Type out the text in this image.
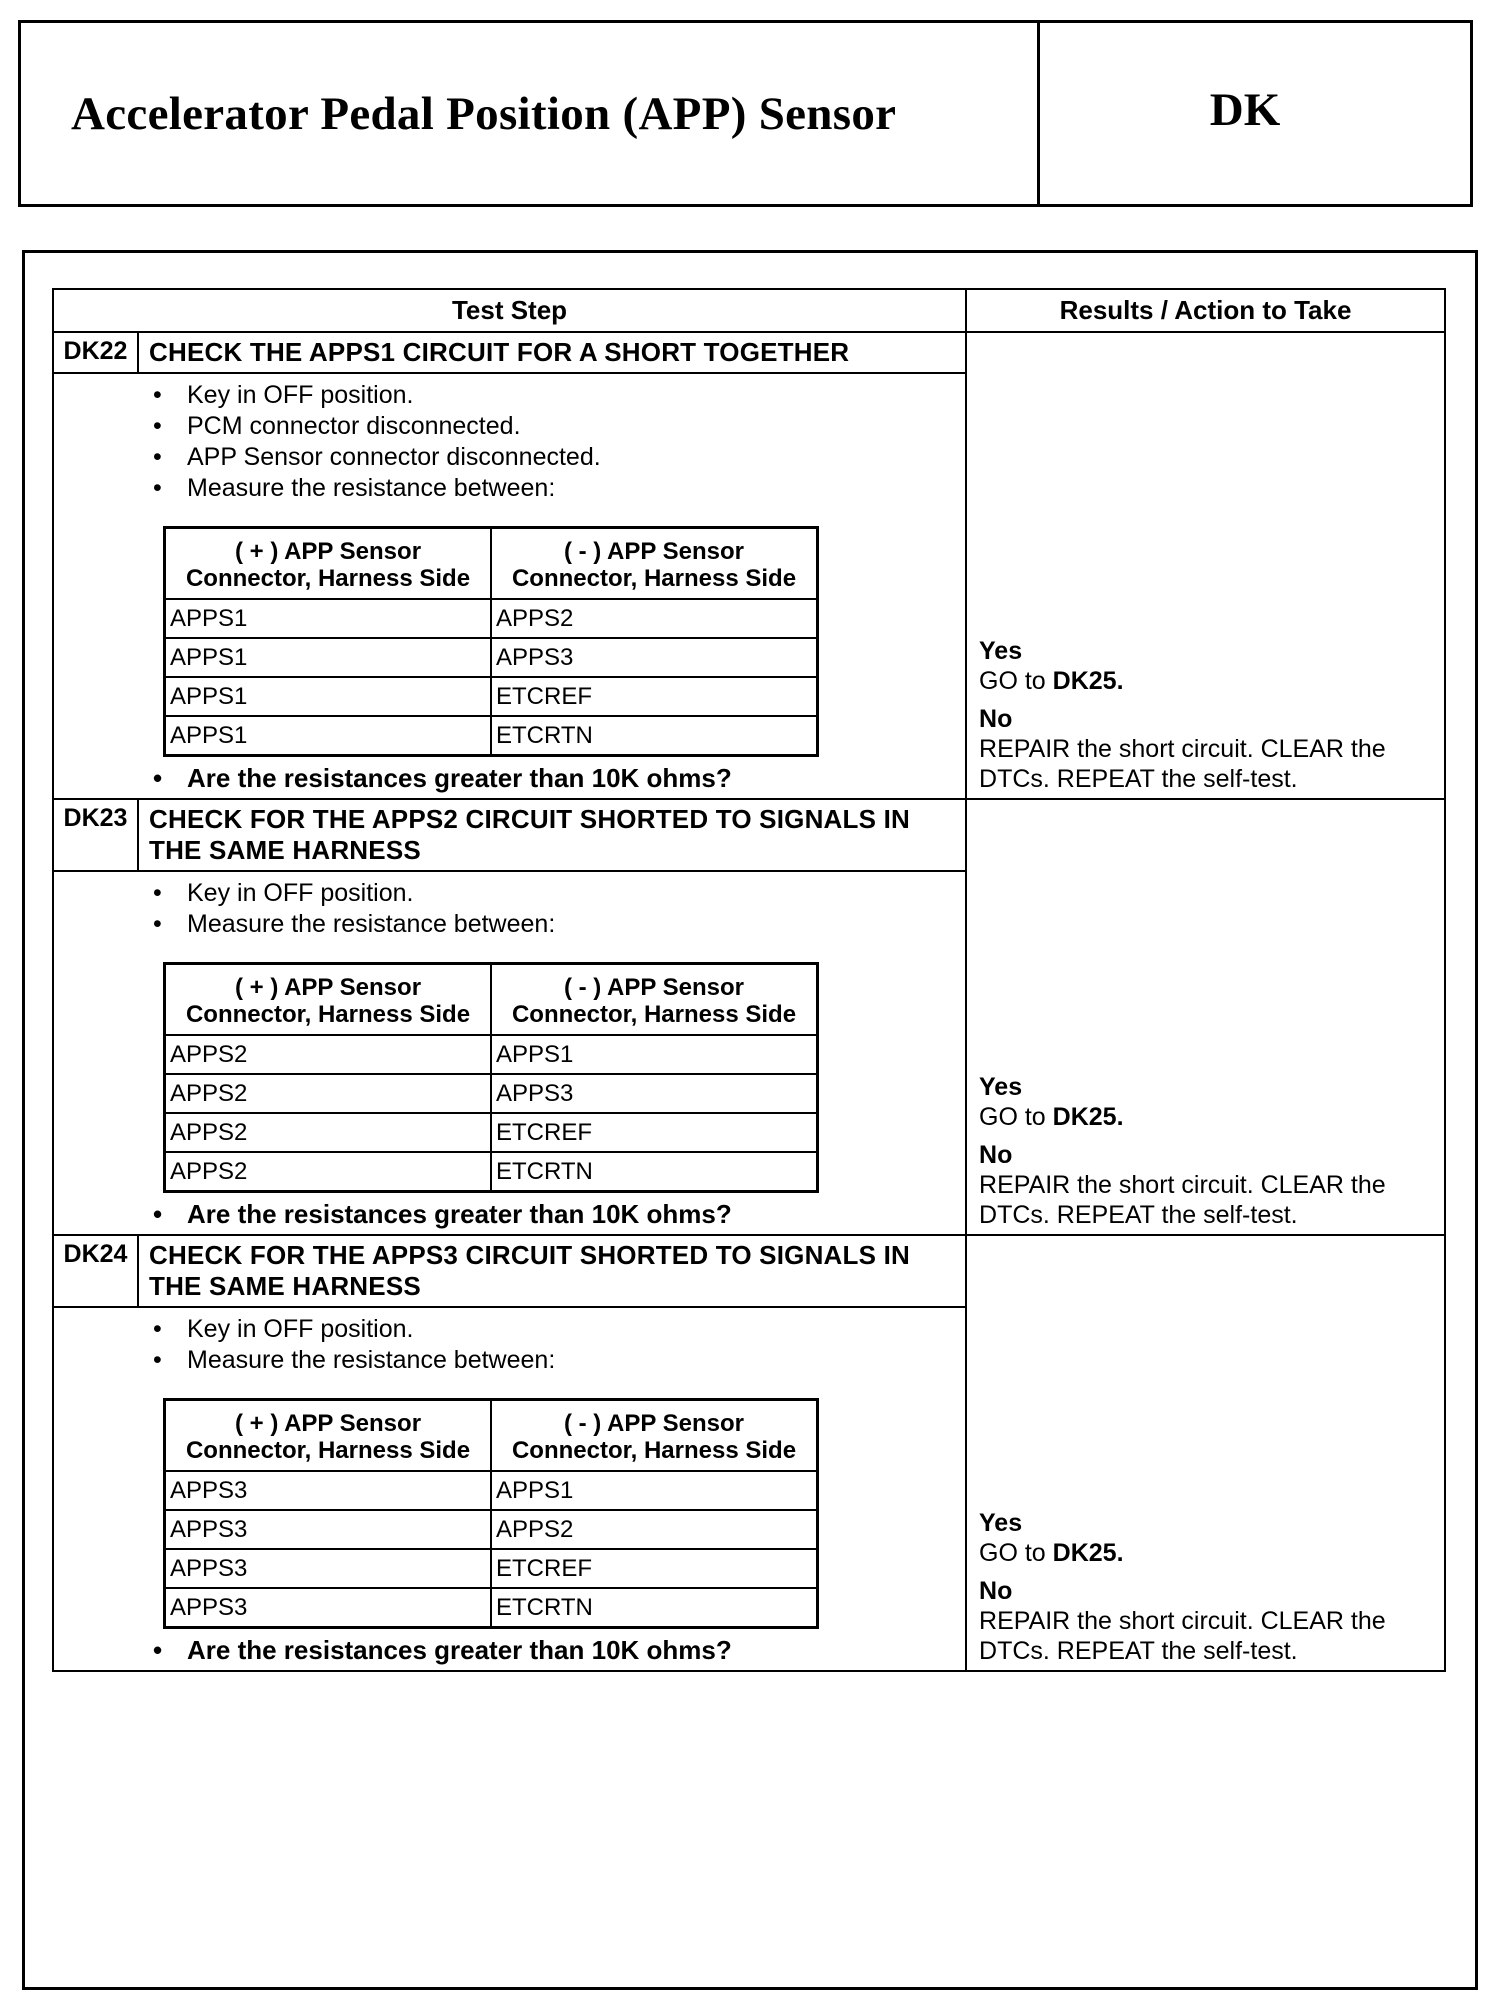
Accelerator Pedal Position (APP) Sensor	DK
Test Step	Results / Action to Take
DK22	CHECK THE APPS1 CIRCUIT FOR A SHORT TOGETHER	
Yes
GO to DK25.
No
REPAIR the short circuit. CLEAR the DTCs. REPEAT the self-test.

• Key in OFF position.
• PCM connector disconnected.
• APP Sensor connector disconnected.
• Measure the resistance between:
( + ) APP Sensor Connector, Harness Side	( - ) APP Sensor Connector, Harness Side
APPS1	APPS2
APPS1	APPS3
APPS1	ETCREF
APPS1	ETCRTN
• Are the resistances greater than 10K ohms?

DK23	CHECK FOR THE APPS2 CIRCUIT SHORTED TO SIGNALS IN THE SAME HARNESS	
Yes
GO to DK25.
No
REPAIR the short circuit. CLEAR the DTCs. REPEAT the self-test.

• Key in OFF position.
• Measure the resistance between:
( + ) APP Sensor Connector, Harness Side	( - ) APP Sensor Connector, Harness Side
APPS2	APPS1
APPS2	APPS3
APPS2	ETCREF
APPS2	ETCRTN
• Are the resistances greater than 10K ohms?

DK24	CHECK FOR THE APPS3 CIRCUIT SHORTED TO SIGNALS IN THE SAME HARNESS	
Yes
GO to DK25.
No
REPAIR the short circuit. CLEAR the DTCs. REPEAT the self-test.

• Key in OFF position.
• Measure the resistance between:
( + ) APP Sensor Connector, Harness Side	( - ) APP Sensor Connector, Harness Side
APPS3	APPS1
APPS3	APPS2
APPS3	ETCREF
APPS3	ETCRTN
• Are the resistances greater than 10K ohms?
